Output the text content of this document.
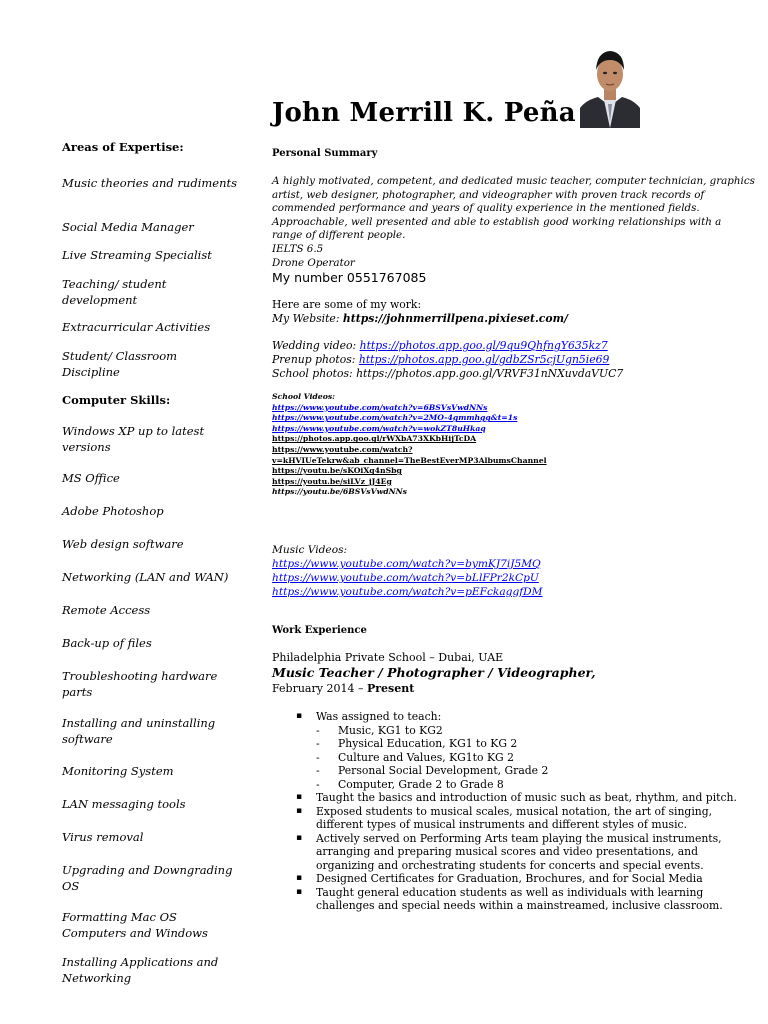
John Merrill K. Peña
Areas of Expertise:
Music theories and rudiments
Social Media Manager
Live Streaming Specialist
Teaching/ student development
Extracurricular Activities
Student/ Classroom Discipline
Computer Skills:
Windows XP up to latest versions
MS Office
Adobe Photoshop
Web design software
Networking (LAN and WAN)
Remote Access
Back-up of files
Troubleshooting hardware parts
Installing and uninstalling software
Monitoring System
LAN messaging tools
Virus removal
Upgrading and Downgrading OS
Formatting Mac OS Computers and Windows
Installing Applications and Networking
Personal Summary
A highly motivated, competent, and dedicated music teacher, computer technician, graphics
artist, web designer, photographer, and videographer with proven track records of
commended performance and years of quality experience in the mentioned fields.
Approachable, well presented and able to establish good working relationships with a
range of different people.
IELTS 6.5
Drone Operator
My number 0551767085
Here are some of my work:
My Website: https://johnmerrillpena.pixieset.com/
Wedding video: https://photos.app.goo.gl/9qu9QhfngY635kz7
Prenup photos: https://photos.app.goo.gl/gdbZSr5cjUgn5ie69
School photos: https://photos.app.goo.gl/VRVF31nNXuvdaVUC7
School Videos:
https://www.youtube.com/watch?v=6BSVsVwdNNs
https://www.youtube.com/watch?v=2MO-4gmmhgg&t=1s
https://www.youtube.com/watch?v=wokZT8uHkaq
https://photos.app.goo.gl/rWXbA73XKbHijTcDA
https://www.youtube.com/watch?
v=kHVIUeTekrw&ab_channel=TheBestEverMP3AlbumsChannel
https://youtu.be/sKOiXq4nSbg
https://youtu.be/siLVz_jJ4Eg
https://youtu.be/6BSVsVwdNNs
Music Videos:
https://www.youtube.com/watch?v=bymKJ7iJ5MQ
https://www.youtube.com/watch?v=bLlFPr2kCpU
https://www.youtube.com/watch?v=pEFckaggfDM
Work Experience
Philadelphia Private School – Dubai, UAE
Music Teacher / Photographer / Videographer,
February 2014 – Present
▪ Was assigned to teach:
- Music, KG1 to KG2
- Physical Education, KG1 to KG 2
- Culture and Values, KG1to KG 2
- Personal Social Development, Grade 2
- Computer, Grade 2 to Grade 8
▪ Taught the basics and introduction of music such as beat, rhythm, and pitch.
▪ Exposed students to musical scales, musical notation, the art of singing, different types of musical instruments and different styles of music.
▪ Actively served on Performing Arts team playing the musical instruments, arranging and preparing musical scores and video presentations, and organizing and orchestrating students for concerts and special events.
▪ Designed Certificates for Graduation, Brochures, and for Social Media
▪ Taught general education students as well as individuals with learning challenges and special needs within a mainstreamed, inclusive classroom.
